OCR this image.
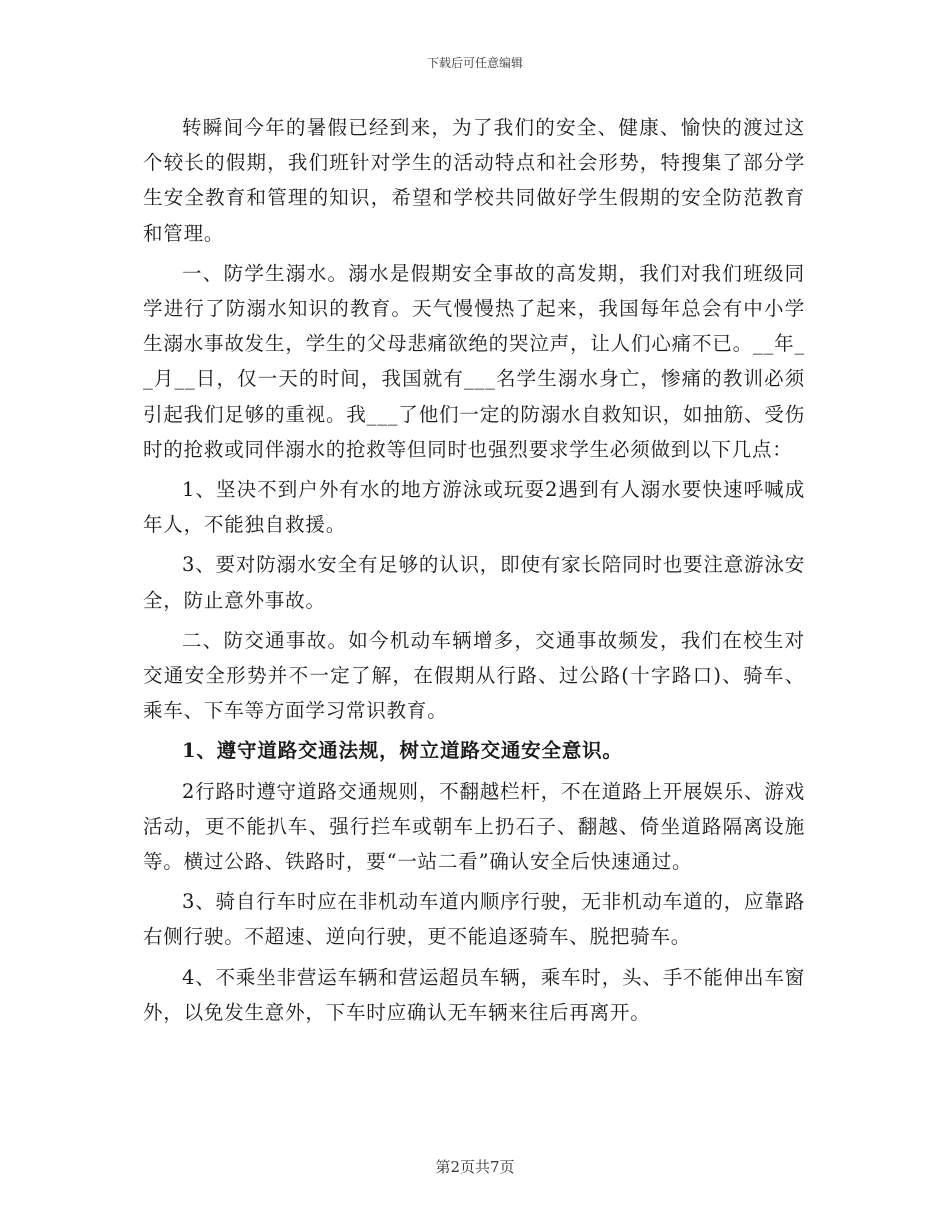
下载后可任意编辑

转瞬间今年的暑假已经到来，为了我们的安全、健康、愉快的渡过这个较长的假期，我们班针对学生的活动特点和社会形势，特搜集了部分学生安全教育和管理的知识，希望和学校共同做好学生假期的安全防范教育和管理。

一、防学生溺水。溺水是假期安全事故的高发期，我们对我们班级同学进行了防溺水知识的教育。天气慢慢热了起来，我国每年总会有中小学生溺水事故发生，学生的父母悲痛欲绝的哭泣声，让人们心痛不已。__年__月__日，仅一天的时间，我国就有___名学生溺水身亡，惨痛的教训必须引起我们足够的重视。我___了他们一定的防溺水自救知识，如抽筋、受伤时的抢救或同伴溺水的抢救等但同时也强烈要求学生必须做到以下几点：

1、坚决不到户外有水的地方游泳或玩耍2遇到有人溺水要快速呼喊成年人，不能独自救援。

3、要对防溺水安全有足够的认识，即使有家长陪同时也要注意游泳安全，防止意外事故。

二、防交通事故。如今机动车辆增多，交通事故频发，我们在校生对交通安全形势并不一定了解，在假期从行路、过公路(十字路口)、骑车、乘车、下车等方面学习常识教育。

1、遵守道路交通法规，树立道路交通安全意识。

2行路时遵守道路交通规则，不翻越栏杆，不在道路上开展娱乐、游戏活动，更不能扒车、强行拦车或朝车上扔石子、翻越、倚坐道路隔离设施等。横过公路、铁路时，要“一站二看”确认安全后快速通过。

3、骑自行车时应在非机动车道内顺序行驶，无非机动车道的，应靠路右侧行驶。不超速、逆向行驶，更不能追逐骑车、脱把骑车。

4、不乘坐非营运车辆和营运超员车辆，乘车时，头、手不能伸出车窗外，以免发生意外，下车时应确认无车辆来往后再离开。

第2页共7页
